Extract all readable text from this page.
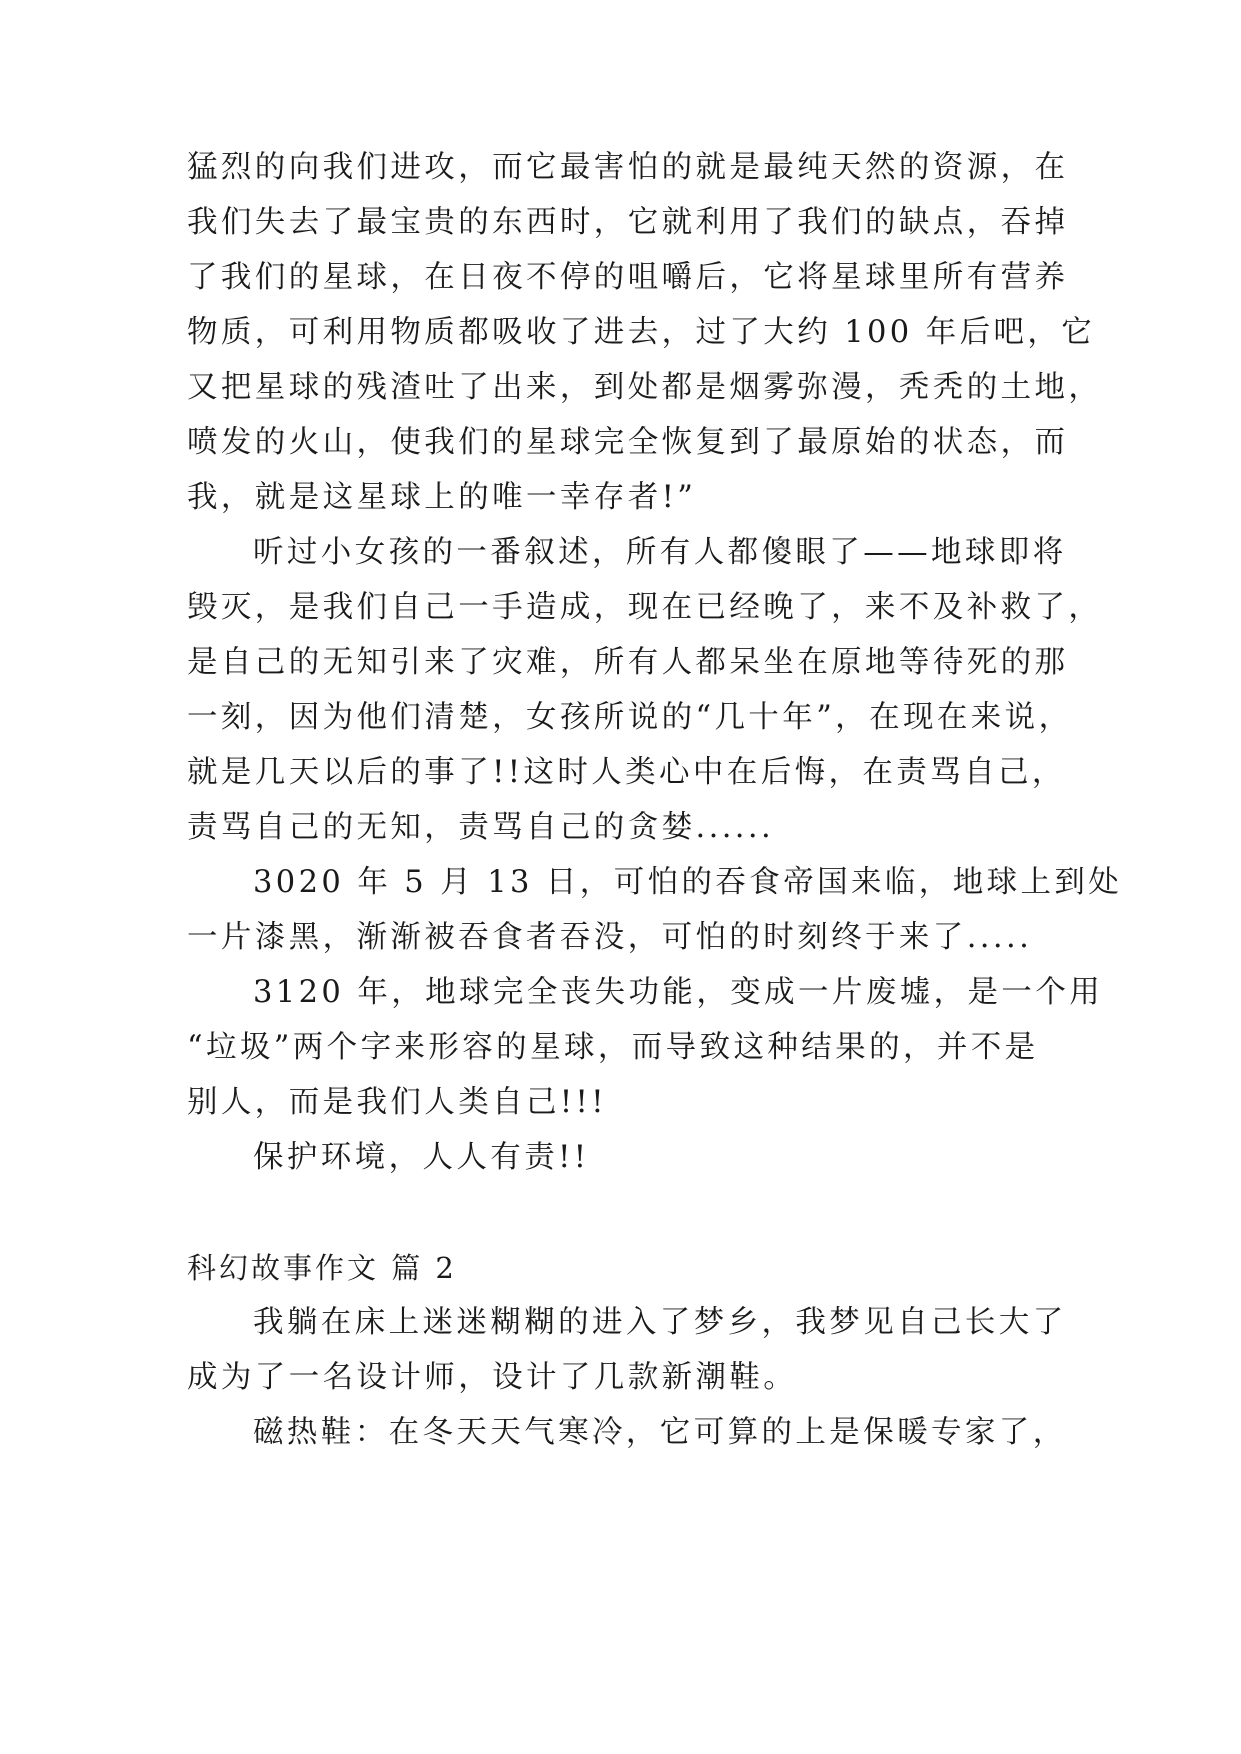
猛烈的向我们进攻，而它最害怕的就是最纯天然的资源，在
我们失去了最宝贵的东西时，它就利用了我们的缺点，吞掉
了我们的星球，在日夜不停的咀嚼后，它将星球里所有营养
物质，可利用物质都吸收了进去，过了大约 100 年后吧，它
又把星球的残渣吐了出来，到处都是烟雾弥漫，秃秃的土地，
喷发的火山，使我们的星球完全恢复到了最原始的状态，而
我，就是这星球上的唯一幸存者!”
听过小女孩的一番叙述，所有人都傻眼了——地球即将
毁灭，是我们自己一手造成，现在已经晚了，来不及补救了，
是自己的无知引来了灾难，所有人都呆坐在原地等待死的那
一刻，因为他们清楚，女孩所说的“几十年”，在现在来说，
就是几天以后的事了!!这时人类心中在后悔，在责骂自己，
责骂自己的无知，责骂自己的贪婪......
3020 年 5 月 13 日，可怕的吞食帝国来临，地球上到处
一片漆黑，渐渐被吞食者吞没，可怕的时刻终于来了.....
3120 年，地球完全丧失功能，变成一片废墟，是一个用
“垃圾”两个字来形容的星球，而导致这种结果的，并不是
别人，而是我们人类自己!!!
保护环境，人人有责!!
科幻故事作文 篇 2
我躺在床上迷迷糊糊的进入了梦乡，我梦见自己长大了
成为了一名设计师，设计了几款新潮鞋。
磁热鞋：在冬天天气寒冷，它可算的上是保暖专家了，
